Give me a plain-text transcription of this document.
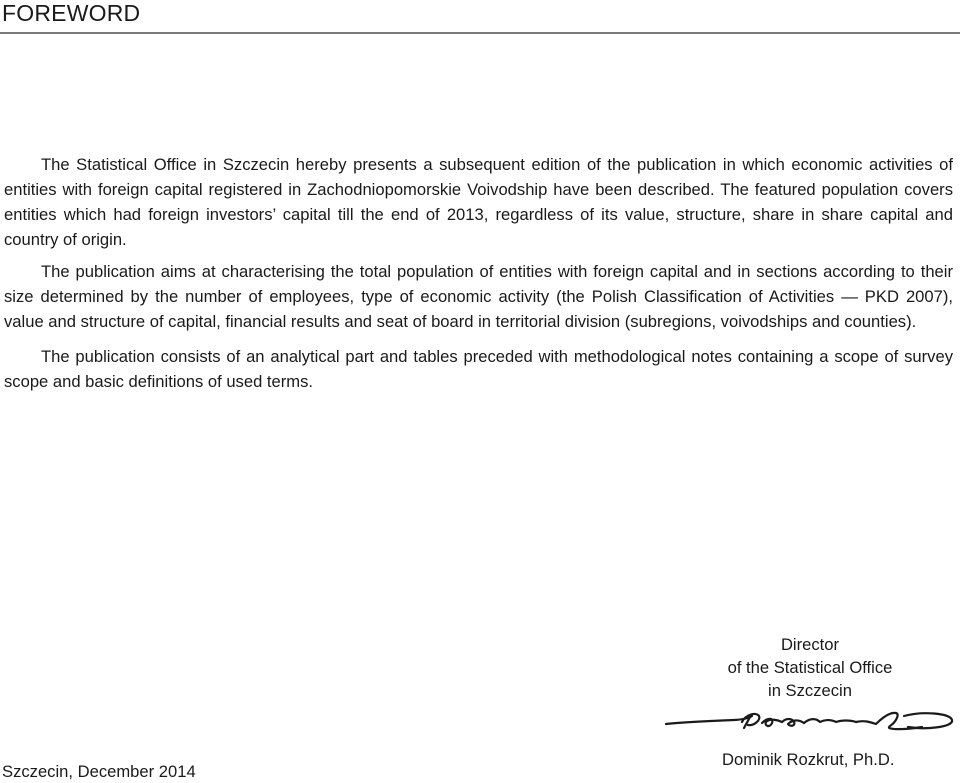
FOREWORD

The Statistical Office in Szczecin hereby presents a subsequent edition of the publication in which economic activities of entities with foreign capital registered in Zachodniopomorskie Voivodship have been described. The featured population covers entities which had foreign investors’ capital till the end of 2013, regardless of its value, structure, share in share capital and country of origin.

The publication aims at characterising the total population of entities with foreign capital and in sections according to their size determined by the number of employees, type of economic activity (the Polish Classification of Activities — PKD 2007), value and structure of capital, financial results and seat of board in territorial division (subregions, voivodships and counties).

The publication consists of an analytical part and tables preceded with methodological notes containing a scope of survey scope and basic definitions of used terms.

Director
of the Statistical Office
in Szczecin
Dominik Rozkrut, Ph.D.
Szczecin, December 2014
